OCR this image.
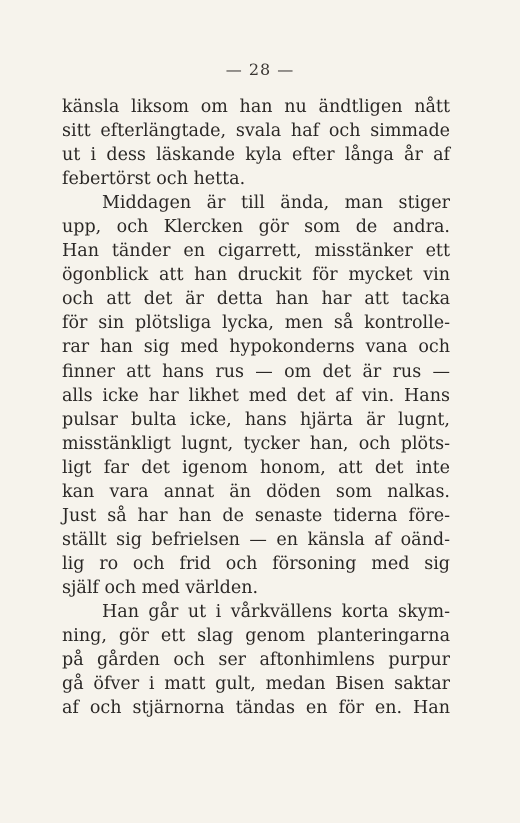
— 28 —
känsla liksom om han nu ändtligen nått
sitt efterlängtade, svala haf och simmade
ut i dess läskande kyla efter långa år af
febertörst och hetta.
Middagen är till ända, man stiger
upp, och Klercken gör som de andra.
Han tänder en cigarrett, misstänker ett
ögonblick att han druckit för mycket vin
och att det är detta han har att tacka
för sin plötsliga lycka, men så kontrolle-
rar han sig med hypokonderns vana och
finner att hans rus — om det är rus —
alls icke har likhet med det af vin. Hans
pulsar bulta icke, hans hjärta är lugnt,
misstänkligt lugnt, tycker han, och plöts-
ligt far det igenom honom, att det inte
kan vara annat än döden som nalkas.
Just så har han de senaste tiderna före-
ställt sig befrielsen — en känsla af oänd-
lig ro och frid och försoning med sig
själf och med världen.
Han går ut i vårkvällens korta skym-
ning, gör ett slag genom planteringarna
på gården och ser aftonhimlens purpur
gå öfver i matt gult, medan Bisen saktar
af och stjärnorna tändas en för en. Han
